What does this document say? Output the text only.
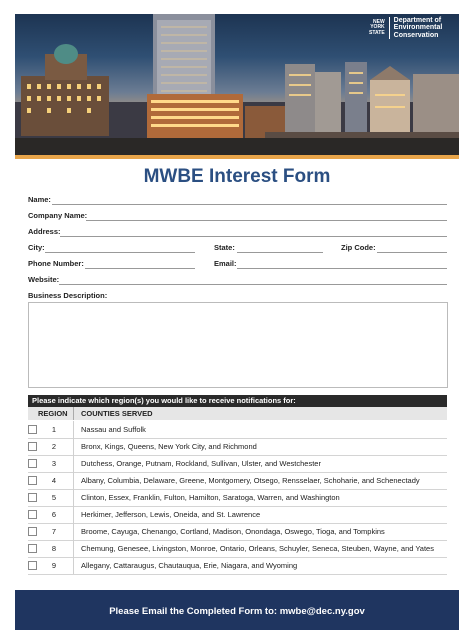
NEW
YORK
STATE
Department of
Environmental
Conservation
MWBE Interest Form
Name:
Company Name:
Address:
City:	State:	Zip Code:
Phone Number:	Email:
Website:
Business Description:
Please indicate which region(s) you would like to receive notifications for:
REGION COUNTIES SERVED
1	Nassau and Suffolk
2	Bronx, Kings, Queens, New York City, and Richmond
3	Dutchess, Orange, Putnam, Rockland, Sullivan, Ulster, and Westchester
4	Albany, Columbia, Delaware, Greene, Montgomery, Otsego, Rensselaer, Schoharie, and Schenectady
5	Clinton, Essex, Franklin, Fulton, Hamilton, Saratoga, Warren, and Washington
6	Herkimer, Jefferson, Lewis, Oneida, and St. Lawrence
7	Broome, Cayuga, Chenango, Cortland, Madison, Onondaga, Oswego, Tioga, and Tompkins
8	Chemung, Genesee, Livingston, Monroe, Ontario, Orleans, Schuyler, Seneca, Steuben, Wayne, and Yates
9	Allegany, Cattaraugus, Chautauqua, Erie, Niagara, and Wyoming
Please Email the Completed Form to: mwbe@dec.ny.gov
